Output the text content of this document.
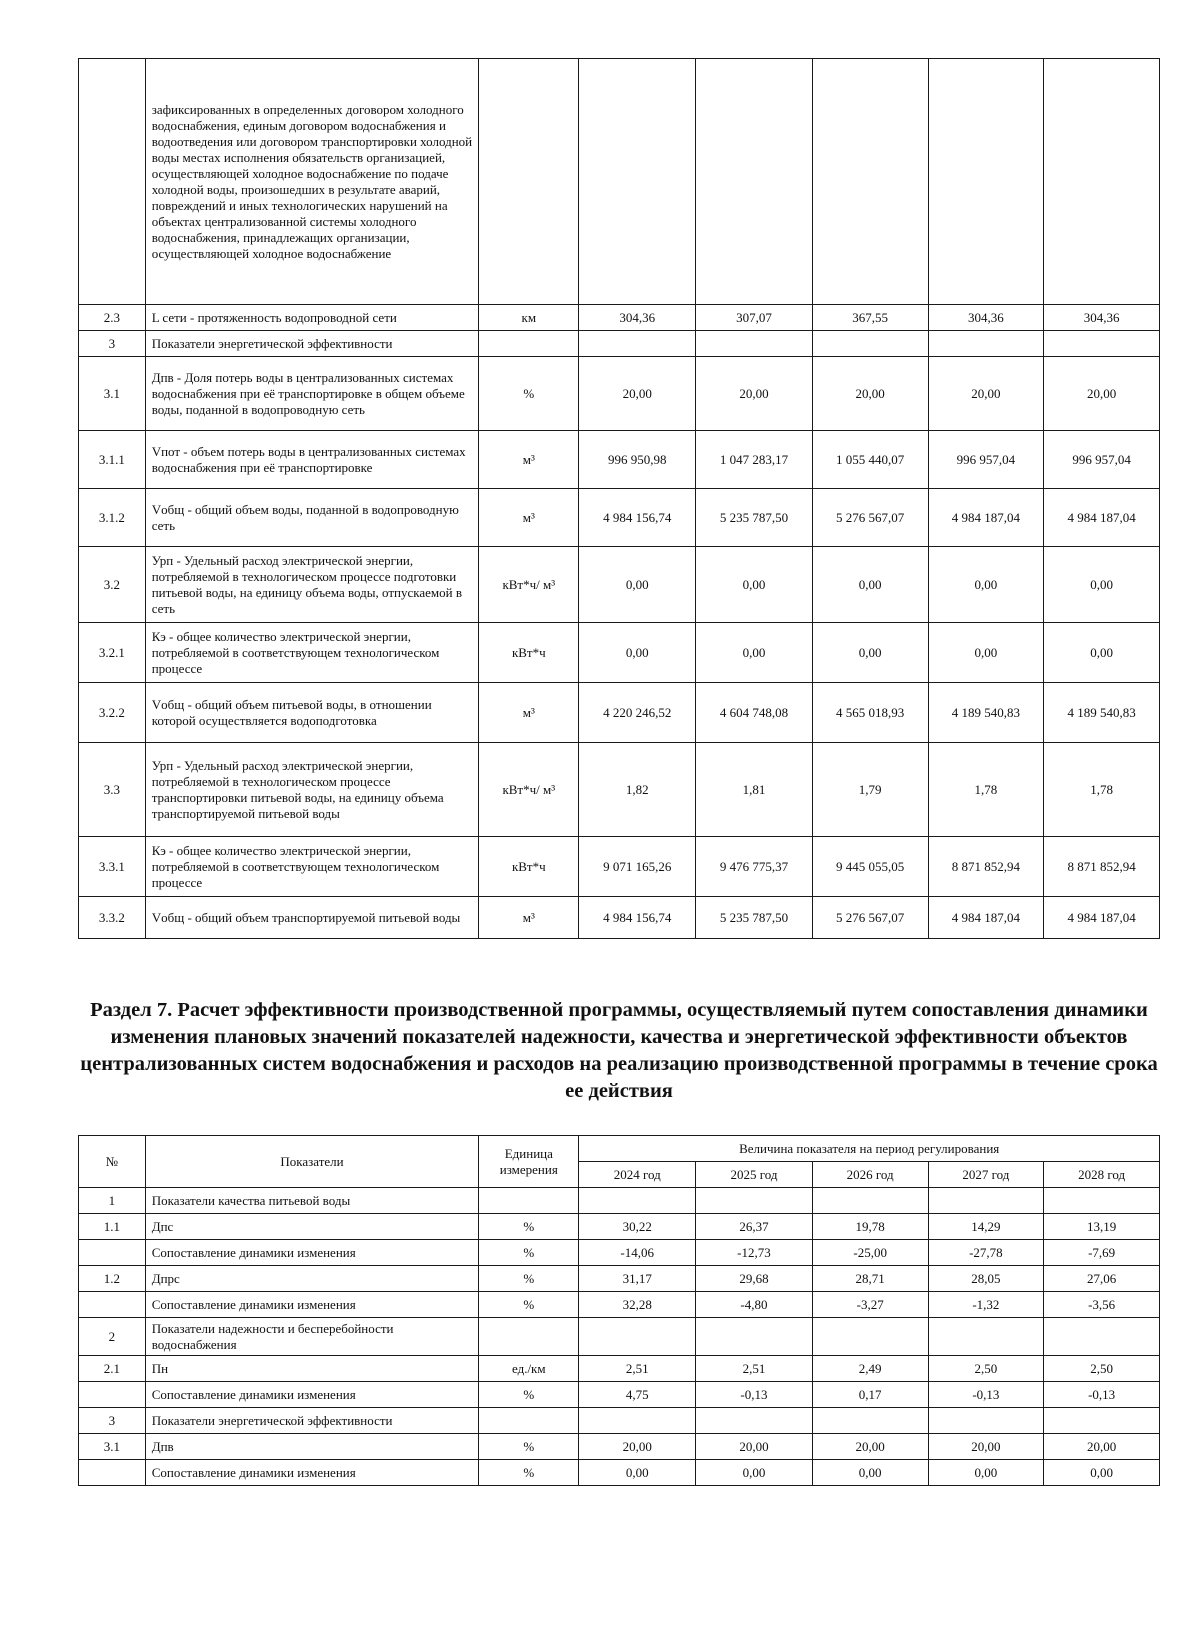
	зафиксированных в определенных договором холодного водоснабжения, единым договором водоснабжения и водоотведения или договором транспортировки холодной воды местах исполнения обязательств организацией, осуществляющей холодное водоснабжение по подаче холодной воды, произошедших в результате аварий, повреждений и иных технологических нарушений на объектах централизованной системы холодного водоснабжения, принадлежащих организации, осуществляющей холодное водоснабжение						
2.3	L сети - протяженность водопроводной сети	км	304,36	307,07	367,55	304,36	304,36
3	Показатели энергетической эффективности						
3.1	Дпв - Доля потерь воды в централизованных системах водоснабжения при её транспортировке в общем объеме воды, поданной в водопроводную сеть	%	20,00	20,00	20,00	20,00	20,00
3.1.1	Vпот - объем потерь воды в централизованных системах водоснабжения при её транспортировке	м³	996 950,98	1 047 283,17	1 055 440,07	996 957,04	996 957,04
3.1.2	Vобщ - общий объем воды, поданной в водопроводную сеть	м³	4 984 156,74	5 235 787,50	5 276 567,07	4 984 187,04	4 984 187,04
3.2	Урп - Удельный расход электрической энергии, потребляемой в технологическом процессе подготовки питьевой воды, на единицу объема воды, отпускаемой в сеть	кВт*ч/ м³	0,00	0,00	0,00	0,00	0,00
3.2.1	Кэ - общее количество электрической энергии, потребляемой в соответствующем технологическом процессе	кВт*ч	0,00	0,00	0,00	0,00	0,00
3.2.2	Vобщ - общий объем питьевой воды, в отношении которой осуществляется водоподготовка	м³	4 220 246,52	4 604 748,08	4 565 018,93	4 189 540,83	4 189 540,83
3.3	Урп - Удельный расход электрической энергии, потребляемой в технологическом процессе транспортировки питьевой воды, на единицу объема транспортируемой питьевой воды	кВт*ч/ м³	1,82	1,81	1,79	1,78	1,78
3.3.1	Кэ - общее количество электрической энергии, потребляемой в соответствующем технологическом процессе	кВт*ч	9 071 165,26	9 476 775,37	9 445 055,05	8 871 852,94	8 871 852,94
3.3.2	Vобщ - общий объем транспортируемой питьевой воды	м³	4 984 156,74	5 235 787,50	5 276 567,07	4 984 187,04	4 984 187,04
Раздел 7. Расчет эффективности производственной программы, осуществляемый путем сопоставления динамики изменения плановых значений показателей надежности, качества и энергетической эффективности объектов централизованных систем водоснабжения и расходов на реализацию производственной программы в течение срока ее действия
№	Показатели	Единица измерения	Величина показателя на период регулирования				
			2024 год	2025 год	2026 год	2027 год	2028 год
1	Показатели качества питьевой воды						
1.1	Дпс	%	30,22	26,37	19,78	14,29	13,19
	Сопоставление динамики изменения	%	-14,06	-12,73	-25,00	-27,78	-7,69
1.2	Дпрс	%	31,17	29,68	28,71	28,05	27,06
	Сопоставление динамики изменения	%	32,28	-4,80	-3,27	-1,32	-3,56
2	Показатели надежности и бесперебойности водоснабжения						
2.1	Пн	ед./км	2,51	2,51	2,49	2,50	2,50
	Сопоставление динамики изменения	%	4,75	-0,13	0,17	-0,13	-0,13
3	Показатели энергетической эффективности						
3.1	Дпв	%	20,00	20,00	20,00	20,00	20,00
	Сопоставление динамики изменения	%	0,00	0,00	0,00	0,00	0,00
